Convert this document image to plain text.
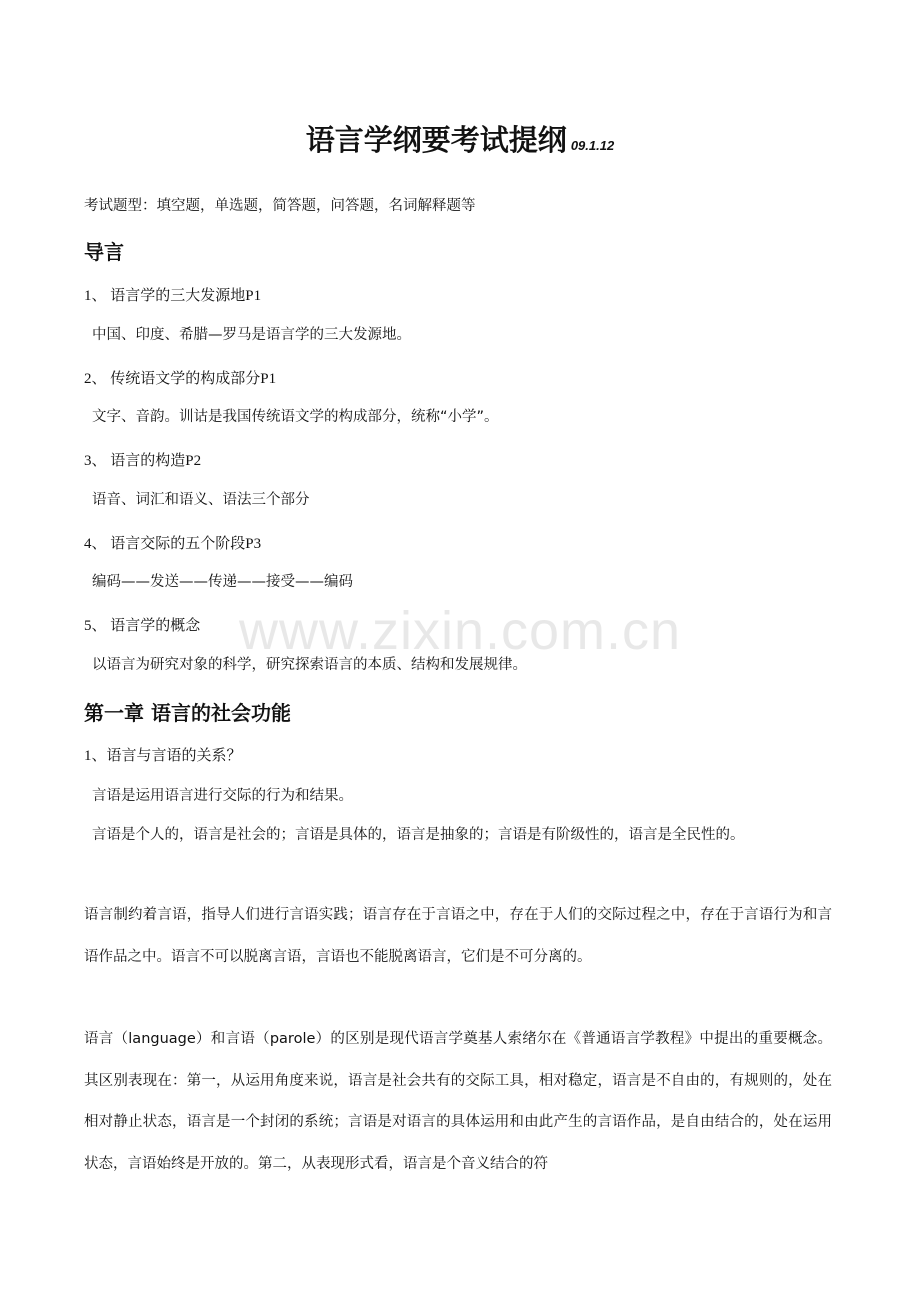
www.zixin.com.cn
语言学纲要考试提纲 09.1.12
考试题型：填空题，单选题，简答题，问答题，名词解释题等
导言
1、 语言学的三大发源地P1
中国、印度、希腊—罗马是语言学的三大发源地。
2、 传统语文学的构成部分P1
文字、音韵。训诂是我国传统语文学的构成部分，统称“小学”。
3、 语言的构造P2
语音、词汇和语义、语法三个部分
4、 语言交际的五个阶段P3
编码——发送——传递——接受——编码
5、 语言学的概念
以语言为研究对象的科学，研究探索语言的本质、结构和发展规律。
第一章 语言的社会功能
1、语言与言语的关系？
言语是运用语言进行交际的行为和结果。
言语是个人的，语言是社会的；言语是具体的，语言是抽象的；言语是有阶级性的，语言是全民性的。
语言制约着言语，指导人们进行言语实践；语言存在于言语之中，存在于人们的交际过程之中，存在于言语行为和言语作品之中。语言不可以脱离言语，言语也不能脱离语言，它们是不可分离的。
语言（language）和言语（parole）的区别是现代语言学奠基人索绪尔在《普通语言学教程》中提出的重要概念。其区别表现在：第一，从运用角度来说，语言是社会共有的交际工具，相对稳定，语言是不自由的，有规则的，处在相对静止状态，语言是一个封闭的系统；言语是对语言的具体运用和由此产生的言语作品，是自由结合的，处在运用状态，言语始终是开放的。第二，从表现形式看，语言是个音义结合的符
